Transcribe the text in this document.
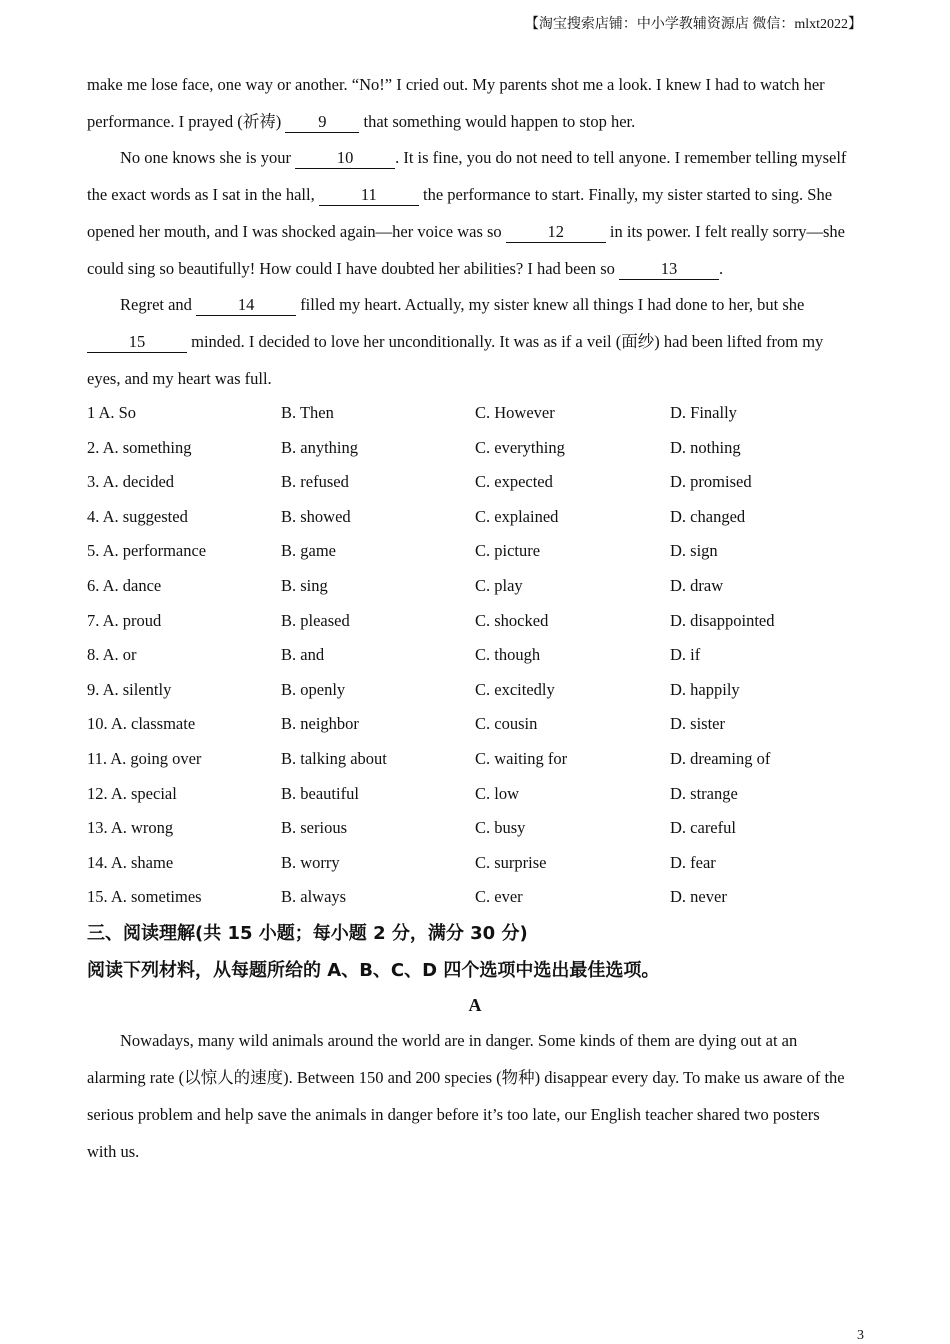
【淘宝搜索店铺：中小学教辅资源店 微信：mlxt2022】
make me lose face, one way or another. “No!” I cried out. My parents shot me a look. I knew I had to watch her
performance. I prayed (祈祷) 9 that something would happen to stop her.
No one knows she is your	10	. It is fine, you do not need to tell anyone. I remember telling myself
the exact words as I sat in the hall,	11	the performance to start. Finally, my sister started to sing. She
opened her mouth, and I was shocked again—her voice was so	12	in its power. I felt really sorry—she
could sing so beautifully! How could I have doubted her abilities? I had been so	13	.
Regret and	14	filled my heart. Actually, my sister knew all things I had done to her, but she
15	minded. I decided to love her unconditionally. It was as if a veil (面纱) had been lifted from my
eyes, and my heart was full.
1 A. So	B. Then	C. However	D. Finally
2. A. something	B. anything	C. everything	D. nothing
3. A. decided	B. refused	C. expected	D. promised
4. A. suggested	B. showed	C. explained	D. changed
5. A. performance	B. game	C. picture	D. sign
6. A. dance	B. sing	C. play	D. draw
7. A. proud	B. pleased	C. shocked	D. disappointed
8. A. or	B. and	C. though	D. if
9. A. silently	B. openly	C. excitedly	D. happily
10. A. classmate	B. neighbor	C. cousin	D. sister
11. A. going over	B. talking about	C. waiting for	D. dreaming of
12. A. special	B. beautiful	C. low	D. strange
13. A. wrong	B. serious	C. busy	D. careful
14. A. shame	B. worry	C. surprise	D. fear
15. A. sometimes	B. always	C. ever	D. never
三、阅读理解(共 15 小题；每小题 2 分，满分 30 分)
阅读下列材料，从每题所给的 A、B、C、D 四个选项中选出最佳选项。
A
Nowadays, many wild animals around the world are in danger. Some kinds of them are dying out at an
alarming rate (以惊人的速度). Between 150 and 200 species (物种) disappear every day. To make us aware of the
serious problem and help save the animals in danger before it’s too late, our English teacher shared two posters
with us.
3
